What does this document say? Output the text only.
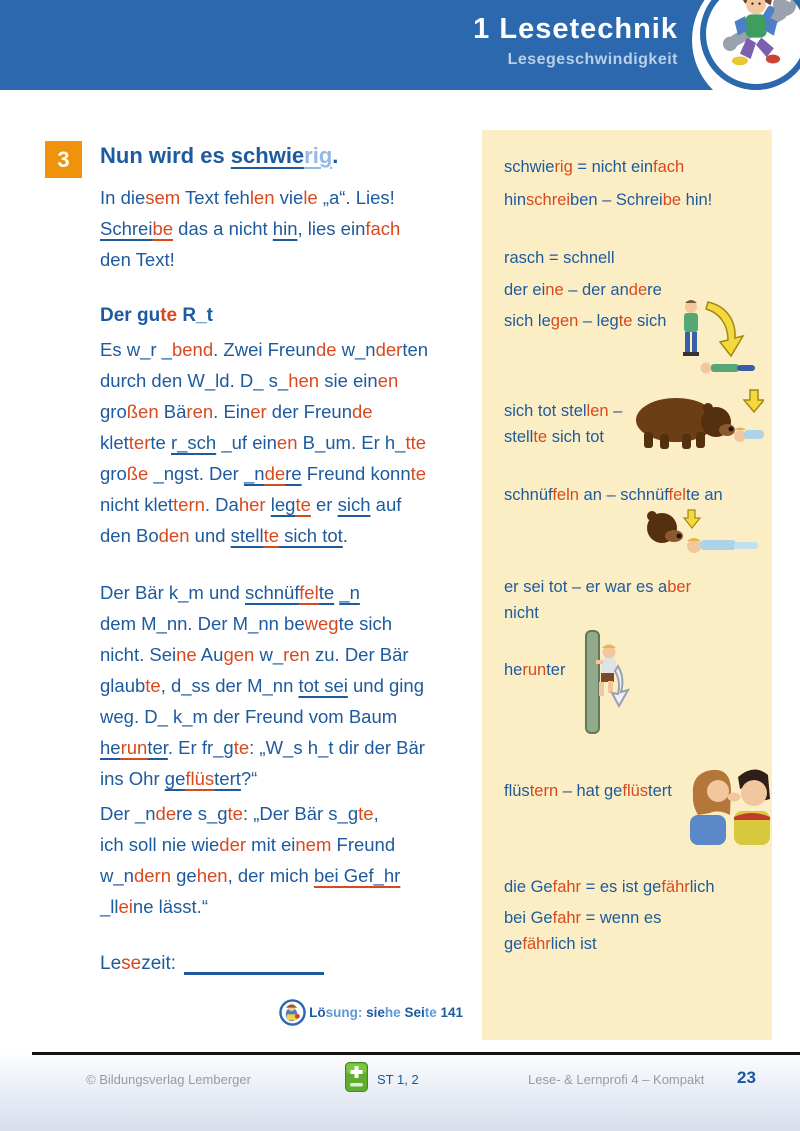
1 Lesetechnik
Lesegeschwindigkeit
3	Nun wird es schwierig.
In diesem Text fehlen viele „a“. Lies!
Schreibe das a nicht hin, lies einfach
den Text!
Der gute R_t
Es w_r _bend. Zwei Freunde w_nderten
durch den W_ld. D_ s_hen sie einen
großen Bären. Einer der Freunde
kletterte r_sch _uf einen B_um. Er h_tte
große _ngst. Der _ndere Freund konnte
nicht klettern. Daher legte er sich auf
den Boden und stellte sich tot.
Der Bär k_m und schnüffelte _n
dem M_nn. Der M_nn bewegte sich
nicht. Seine Augen w_ren zu. Der Bär
glaubte, d_ss der M_nn tot sei und ging
weg. D_ k_m der Freund vom Baum
herunter. Er fr_gte: „W_s h_t dir der Bär
ins Ohr geflüstert?“
Der _ndere s_gte: „Der Bär s_gte,
ich soll nie wieder mit einem Freund
w_ndern gehen, der mich bei Gef_hr
_lleine lässt.“
Lesezeit:
Lösung: siehe Seite 141
schwierig = nicht einfach
hinschreiben – Schreibe hin!
rasch = schnell
der eine – der andere
sich legen – legte sich
sich tot stellen –
stellte sich tot
schnüffeln an – schnüffelte an
er sei tot – er war es aber
nicht
herunter
flüstern – hat geflüstert
die Gefahr = es ist gefährlich
bei Gefahr = wenn es
gefährlich ist
© Bildungsverlag Lemberger	ST 1, 2	Lese- & Lernprofi 4 – Kompakt 23
